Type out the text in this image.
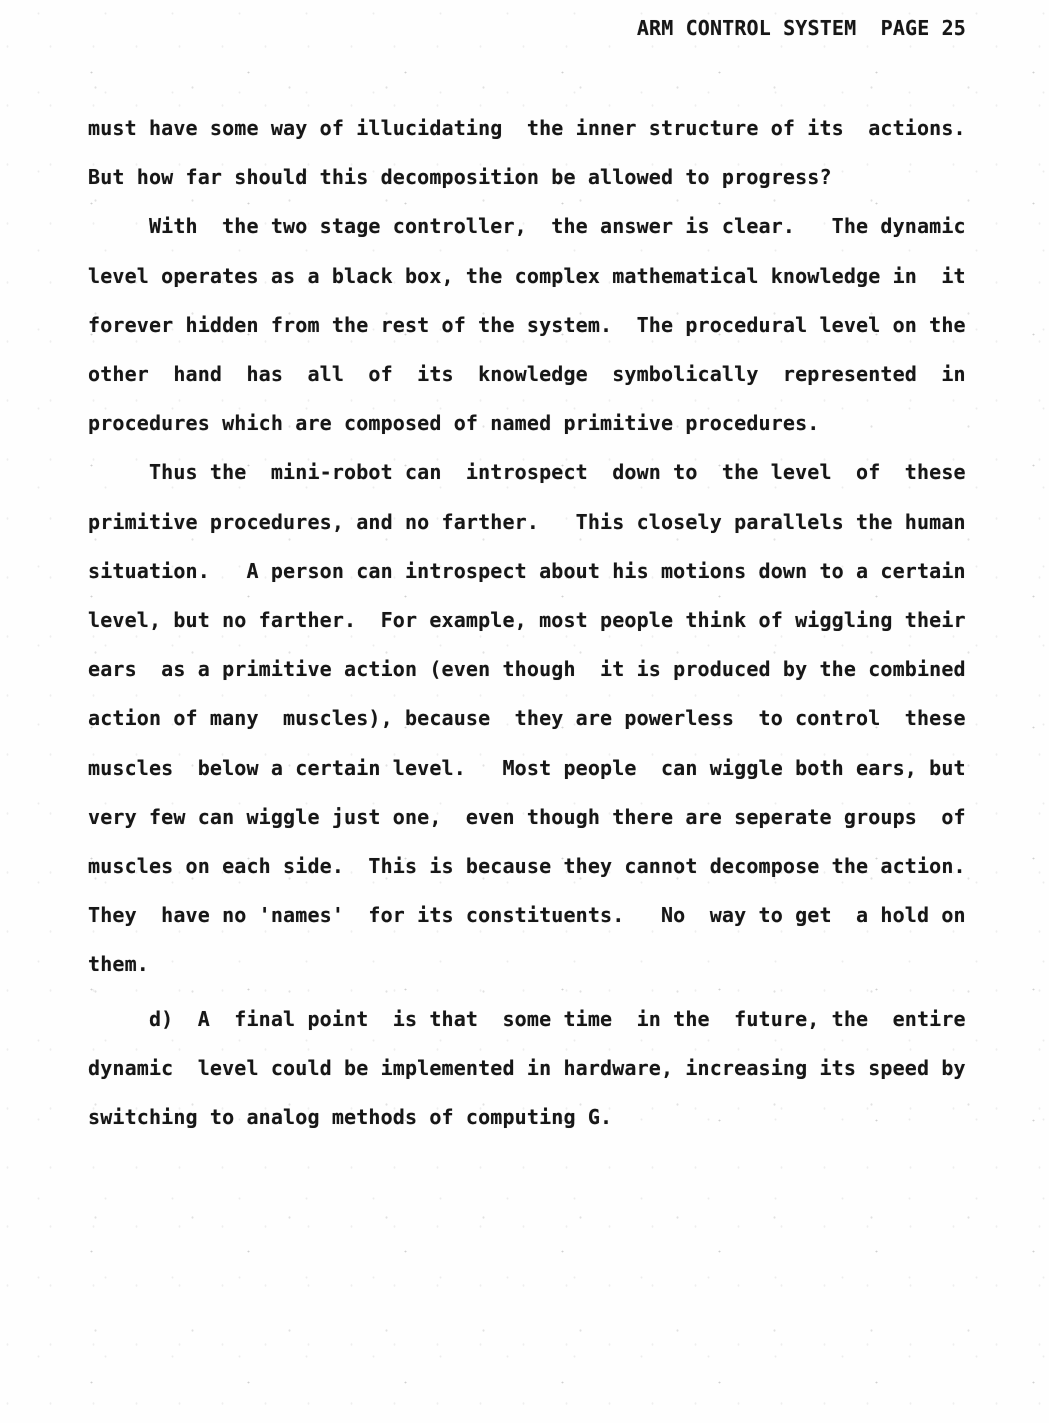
ARM CONTROL SYSTEM  PAGE 25
must have some way of illucidating  the inner structure of its  actions.
But how far should this decomposition be allowed to progress?
With  the two stage controller,  the answer is clear.   The dynamic
level operates as a black box, the complex mathematical knowledge in  it
forever hidden from the rest of the system.  The procedural level on the
other  hand  has  all  of  its  knowledge  symbolically  represented  in
procedures which are composed of named primitive procedures.
Thus the  mini-robot can  introspect  down to  the level  of  these
primitive procedures, and no farther.   This closely parallels the human
situation.   A person can introspect about his motions down to a certain
level, but no farther.  For example, most people think of wiggling their
ears  as a primitive action (even though  it is produced by the combined
action of many  muscles), because  they are powerless  to control  these
muscles  below a certain level.   Most people  can wiggle both ears, but
very few can wiggle just one,  even though there are seperate groups  of
muscles on each side.  This is because they cannot decompose the action.
They  have no 'names'  for its constituents.   No  way to get  a hold on
them.
d)  A  final point  is that  some time  in the  future, the  entire
dynamic  level could be implemented in hardware, increasing its speed by
switching to analog methods of computing G.
